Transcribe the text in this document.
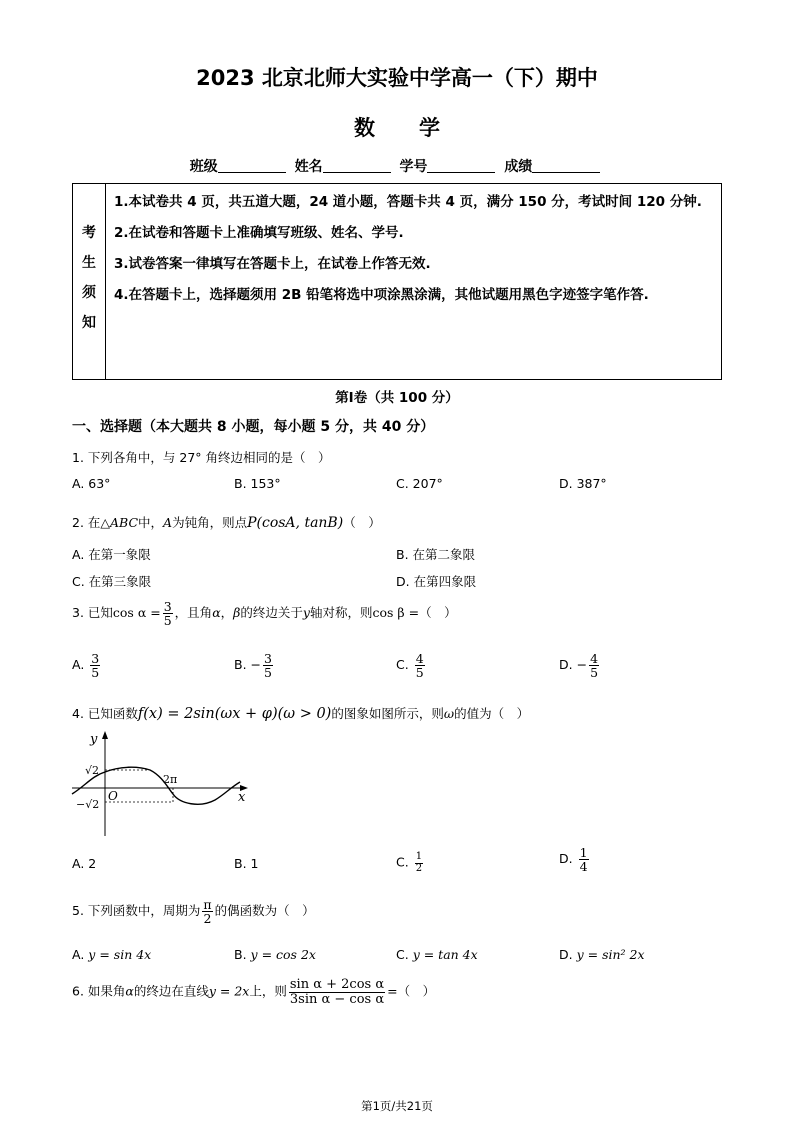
2023 北京北师大实验中学高一（下）期中
数 学
班级	姓名	学号	成绩
考
生
须
知

1.本试卷共 4 页，共五道大题，24 道小题，答题卡共 4 页，满分 150 分，考试时间 120 分钟.
2.在试卷和答题卡上准确填写班级、姓名、学号.
3.试卷答案一律填写在答题卡上，在试卷上作答无效.
4.在答题卡上，选择题须用 2B 铅笔将选中项涂黑涂满，其他试题用黑色字迹签字笔作答.
第Ⅰ卷（共 100 分）
一、选择题（本大题共 8 小题，每小题 5 分，共 40 分）
1. 下列各角中，与 27° 角终边相同的是（　）
A. 63°	B. 153°	C. 207°	D. 387°
2. 在△ABC中，A为钝角，则点P(cosA, tanB)（　）
A. 在第一象限	B. 在第二象限
C. 在第三象限	D. 在第四象限
3. 已知$\cos \alpha = \frac{3}{5}$ ，且角α，β的终边关于y轴对称，则cos β =（　）
A. $\frac{3}{5}$	B. − $\frac{3}{5}$	C. $\frac{4}{5}$	D. − $\frac{4}{5}$
4. 已知函数f(x) = 2sin(ωx + φ)(ω > 0)的图象如图所示，则ω的值为（　）
y
x
O
√2
−√2
2π
A. 2	B. 1	C. $\frac{1}{2}$	D. $\frac{1}{4}$
5. 下列函数中，周期为 $\frac{\pi}{2}$ 的偶函数为（　）
A. y = sin 4x	B. y = cos 2x	C. y = tan 4x	D. y = sin² 2x
6. 如果角α的终边在直线y = 2x上，则 $\frac{\text{sin α + 2cos α}}{\text{3sin α − cos α}}$ =（　）
第1页/共21页
